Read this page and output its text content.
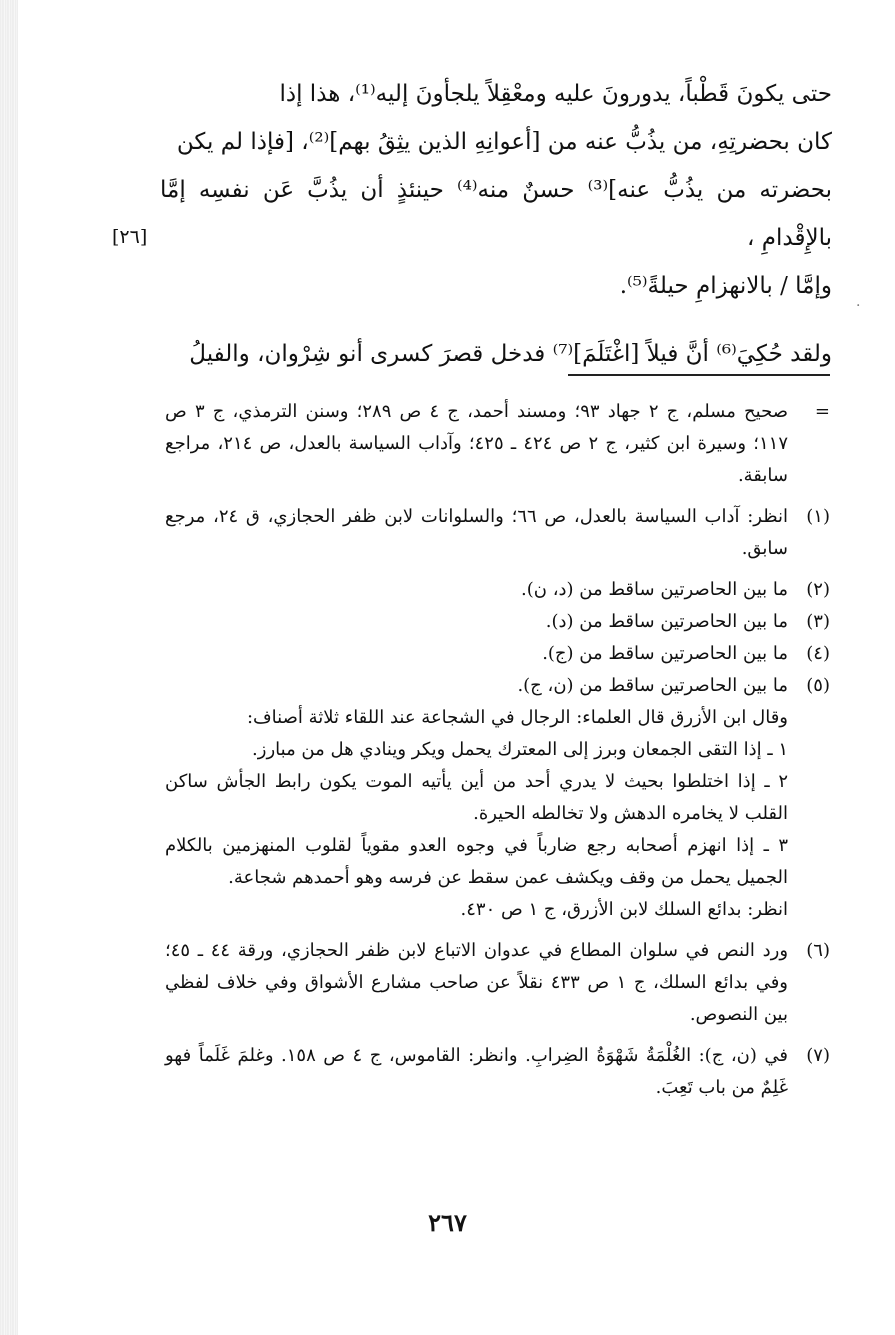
حتى يكونَ قَطْباً، يدورونَ عليه ومعْقِلاً يلجأونَ إليه⁽¹⁾، هذا إذا

كان بحضرتِهِ، من يذُبُّ عنه من [أعوانِهِ الذين يثِقُ بهم]⁽²⁾، [فإذا لم يكن

بحضرته من يذُبُّ عنه]⁽³⁾ حسنٌ منه⁽⁴⁾ حينئذٍ أن يذُبَّ عَن نفسِه إمَّا بالإِقْدامِ ،

وإمَّا / بالانهزامِ حيلةً⁽⁵⁾.

ولقد حُكِيَ⁽⁶⁾ أنَّ فيلاً [اغْتَلَمَ]⁽⁷⁾ فدخل قصرَ كسرى أنو شِرْوان، والفيلُ

[٢٦]
·
=
صحيح مسلم، ج ٢ جهاد ٩٣؛ ومسند أحمد، ج ٤ ص ٢٨٩؛ وسنن الترمذي، ج ٣ ص ١١٧؛ وسيرة ابن كثير، ج ٢ ص ٤٢٤ ـ ٤٢٥؛ وآداب السياسة بالعدل، ص ٢١٤، مراجع سابقة.
(١)
انظر: آداب السياسة بالعدل، ص ٦٦؛ والسلوانات لابن ظفر الحجازي، ق ٢٤، مرجع سابق.
(٢)
ما بين الحاصرتين ساقط من (د، ن).
(٣)
ما بين الحاصرتين ساقط من (د).
(٤)
ما بين الحاصرتين ساقط من (ج).
(٥)
ما بين الحاصرتين ساقط من (ن، ج).
وقال ابن الأزرق قال العلماء: الرجال في الشجاعة عند اللقاء ثلاثة أصناف:
١ ـ إذا التقى الجمعان وبرز إلى المعترك يحمل ويكر وينادي هل من مبارز.
٢ ـ إذا اختلطوا بحيث لا يدري أحد من أين يأتيه الموت يكون رابط الجأش ساكن القلب لا يخامره الدهش ولا تخالطه الحيرة.
٣ ـ إذا انهزم أصحابه رجع ضارباً في وجوه العدو مقوياً لقلوب المنهزمين بالكلام الجميل يحمل من وقف ويكشف عمن سقط عن فرسه وهو أحمدهم شجاعة.
انظر: بدائع السلك لابن الأزرق، ج ١ ص ٤٣٠.
(٦)
ورد النص في سلوان المطاع في عدوان الاتباع لابن ظفر الحجازي، ورقة ٤٤ ـ ٤٥؛ وفي بدائع السلك، ج ١ ص ٤٣٣ نقلاً عن صاحب مشارع الأشواق وفي خلاف لفظي بين النصوص.
(٧)
في (ن، ج): الغُلْمَةُ شَهْوَةُ الضِرابِ. وانظر: القاموس، ج ٤ ص ١٥٨. وغلمَ غَلَماً فهو غَلِمٌ من باب تَعِبَ.
٢٦٧
